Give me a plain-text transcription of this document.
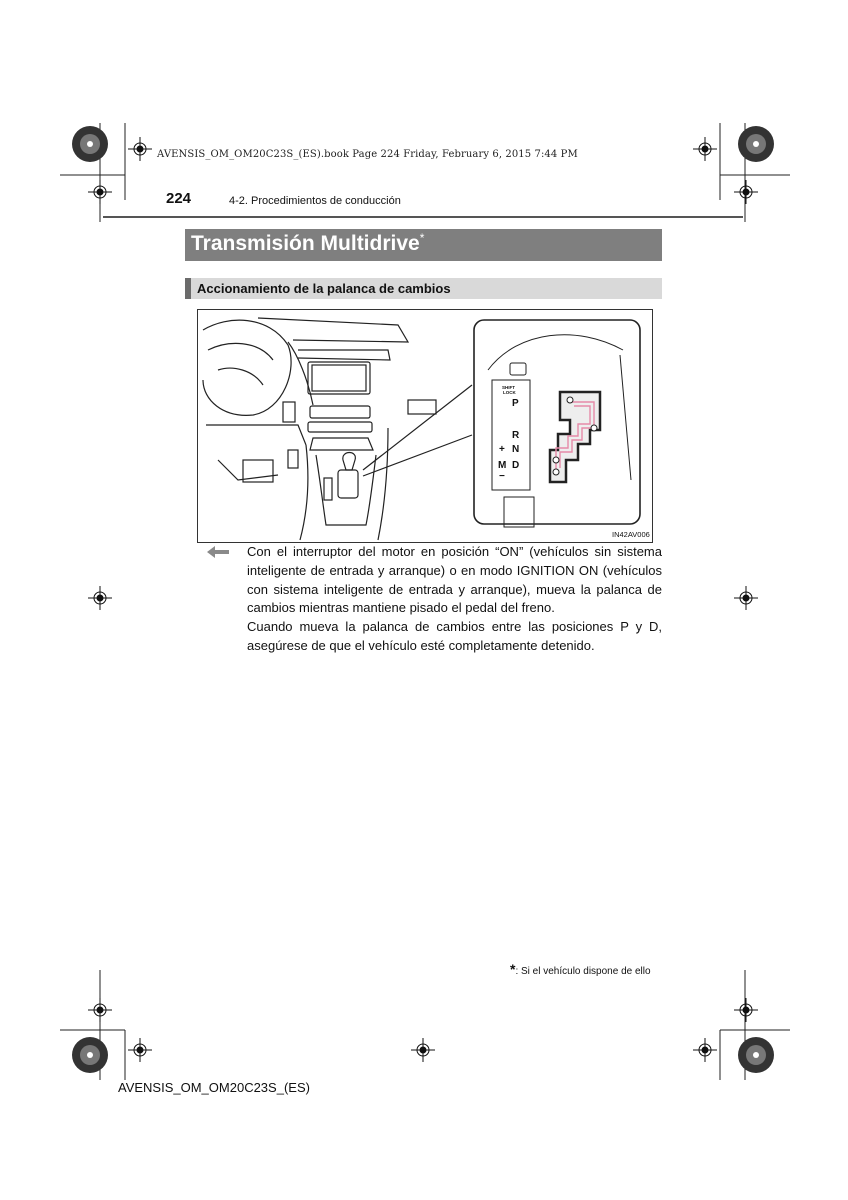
AVENSIS_OM_OM20C23S_(ES).book Page 224 Friday, February 6, 2015 7:44 PM
224	4-2. Procedimientos de conducción
Transmisión Multidrive*
Accionamiento de la palanca de cambios
SHIFT
LOCK
P
R
N
D
M
+
−
IN42AV006

Con el interruptor del motor en posición “ON” (vehículos sin sistema inteligente de entrada y arranque) o en modo IGNITION ON (vehículos con sistema inteligente de entrada y arranque), mueva la palanca de cambios mientras mantiene pisado el pedal del freno.

Cuando mueva la palanca de cambios entre las posiciones P y D, asegúrese de que el vehículo esté completamente detenido.

*: Si el vehículo dispone de ello
AVENSIS_OM_OM20C23S_(ES)
